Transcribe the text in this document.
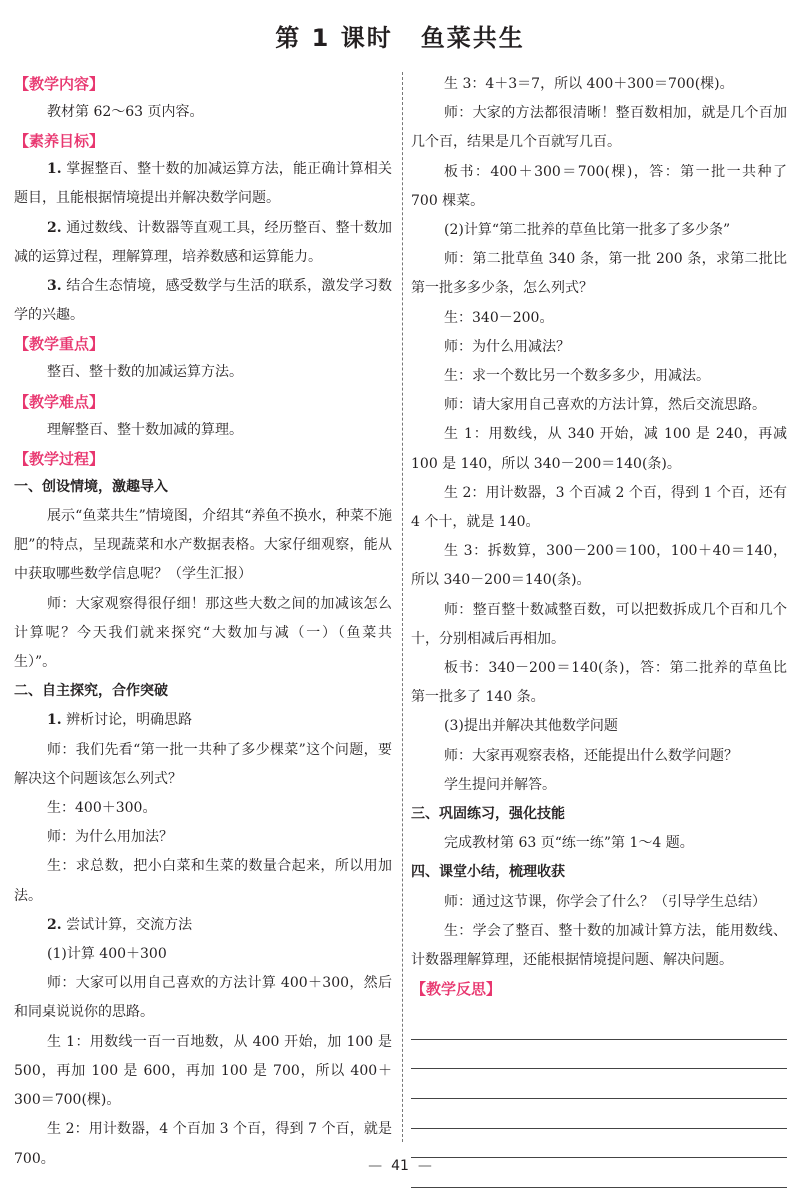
第 1 课时 鱼菜共生
【教学内容】

教材第 62～63 页内容。

【素养目标】

1. 掌握整百、整十数的加减运算方法，能正确计算相关题目，且能根据情境提出并解决数学问题。

2. 通过数线、计数器等直观工具，经历整百、整十数加减的运算过程，理解算理，培养数感和运算能力。

3. 结合生态情境，感受数学与生活的联系，激发学习数学的兴趣。

【教学重点】

整百、整十数的加减运算方法。

【教学难点】

理解整百、整十数加减的算理。

【教学过程】
一、创设情境，激趣导入

展示“鱼菜共生”情境图，介绍其“养鱼不换水，种菜不施肥”的特点，呈现蔬菜和水产数据表格。大家仔细观察，能从中获取哪些数学信息呢？（学生汇报）

师：大家观察得很仔细！那这些大数之间的加减该怎么计算呢？今天我们就来探究“大数加与减（一）（鱼菜共生）”。

二、自主探究，合作突破

1. 辨析讨论，明确思路

师：我们先看“第一批一共种了多少棵菜”这个问题，要解决这个问题该怎么列式？

生：400＋300。

师：为什么用加法？

生：求总数，把小白菜和生菜的数量合起来，所以用加法。

2. 尝试计算，交流方法

(1)计算 400＋300

师：大家可以用自己喜欢的方法计算 400＋300，然后和同桌说说你的思路。

生 1：用数线一百一百地数，从 400 开始，加 100 是 500，再加 100 是 600，再加 100 是 700，所以 400＋300＝700(棵)。

生 2：用计数器，4 个百加 3 个百，得到 7 个百，就是 700。

生 3：4＋3＝7，所以 400＋300＝700(棵)。

师：大家的方法都很清晰！整百数相加，就是几个百加几个百，结果是几个百就写几百。

板书：400＋300＝700(棵)，答：第一批一共种了 700 棵菜。

(2)计算“第二批养的草鱼比第一批多了多少条”

师：第二批草鱼 340 条，第一批 200 条，求第二批比第一批多多少条，怎么列式？

生：340－200。

师：为什么用减法？

生：求一个数比另一个数多多少，用减法。

师：请大家用自己喜欢的方法计算，然后交流思路。

生 1：用数线，从 340 开始，减 100 是 240，再减 100 是 140，所以 340－200＝140(条)。

生 2：用计数器，3 个百减 2 个百，得到 1 个百，还有 4 个十，就是 140。

生 3：拆数算，300－200＝100，100＋40＝140，所以 340－200＝140(条)。

师：整百整十数减整百数，可以把数拆成几个百和几个十，分别相减后再相加。

板书：340－200＝140(条)，答：第二批养的草鱼比第一批多了 140 条。

(3)提出并解决其他数学问题

师：大家再观察表格，还能提出什么数学问题？

学生提问并解答。

三、巩固练习，强化技能

完成教材第 63 页“练一练”第 1～4 题。

四、课堂小结，梳理收获

师：通过这节课，你学会了什么？（引导学生总结）

生：学会了整百、整十数的加减计算方法，能用数线、计数器理解算理，还能根据情境提问题、解决问题。

【教学反思】
— 41 —
